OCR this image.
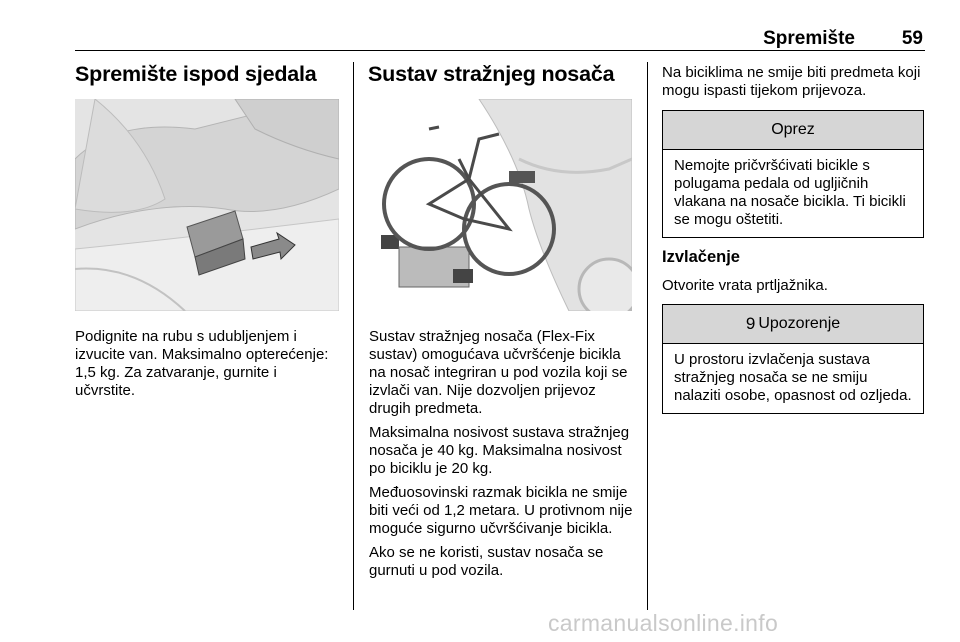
Spremište 59
Spremište ispod sjedala

Podignite na rubu s udubljenjem i izvucite van. Maksimalno opterećenje: 1,5 kg. Za zatvaranje, gurnite i učvrstite.

Sustav stražnjeg nosača

Sustav stražnjeg nosača (Flex-Fix sustav) omogućava učvršćenje bicikla na nosač integriran u pod vozila koji se izvlači van. Nije dozvoljen prijevoz drugih predmeta.

Maksimalna nosivost sustava stražnjeg nosača je 40 kg. Maksimalna nosivost po biciklu je 20 kg.

Međuosovinski razmak bicikla ne smije biti veći od 1,2 metara. U protivnom nije moguće sigurno učvršćivanje bicikla.

Ako se ne koristi, sustav nosača se gurnuti u pod vozila.

Na biciklima ne smije biti predmeta koji mogu ispasti tijekom prijevoza.

Oprez
Nemojte pričvršćivati bicikle s polugama pedala od ugljičnih vlakana na nosače bicikla. Ti bicikli se mogu oštetiti.
Izvlačenje

Otvorite vrata prtljažnika.

9 Upozorenje
U prostoru izvlačenja sustava stražnjeg nosača se ne smiju nalaziti osobe, opasnost od ozljeda.
carmanualsonline.info
